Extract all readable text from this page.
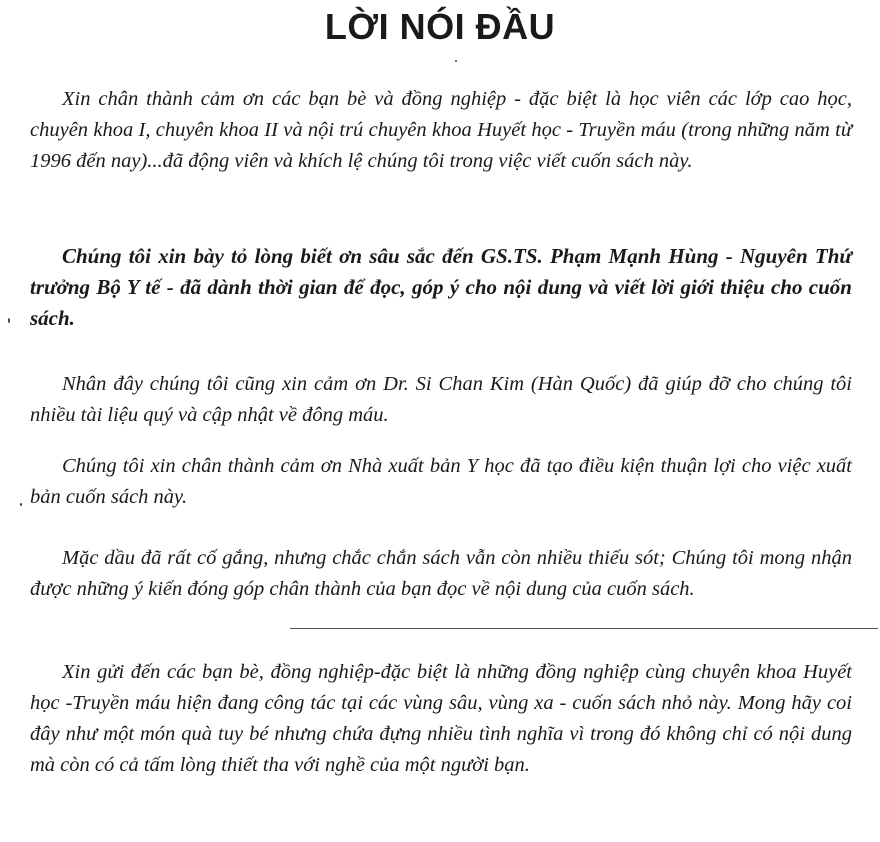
LỜI NÓI ĐẦU

Xin chân thành cảm ơn các bạn bè và đồng nghiệp - đặc biệt là học viên các lớp cao học, chuyên khoa I, chuyên khoa II và nội trú chuyên khoa Huyết học - Truyền máu (trong những năm từ 1996 đến nay)...đã động viên và khích lệ chúng tôi trong việc viết cuốn sách này.

Chúng tôi xin bày tỏ lòng biết ơn sâu sắc đến GS.TS. Phạm Mạnh Hùng - Nguyên Thứ trưởng Bộ Y tế - đã dành thời gian để đọc, góp ý cho nội dung và viết lời giới thiệu cho cuốn sách.

Nhân đây chúng tôi cũng xin cảm ơn Dr. Si Chan Kim (Hàn Quốc) đã giúp đỡ cho chúng tôi nhiều tài liệu quý và cập nhật về đông máu.

Chúng tôi xin chân thành cảm ơn Nhà xuất bản Y học đã tạo điều kiện thuận lợi cho việc xuất bản cuốn sách này.

Mặc dầu đã rất cố gắng, nhưng chắc chắn sách vẫn còn nhiều thiếu sót; Chúng tôi mong nhận được những ý kiến đóng góp chân thành của bạn đọc về nội dung của cuốn sách.

Xin gửi đến các bạn bè, đồng nghiệp-đặc biệt là những đồng nghiệp cùng chuyên khoa Huyết học -Truyền máu hiện đang công tác tại các vùng sâu, vùng xa - cuốn sách nhỏ này. Mong hãy coi đây như một món quà tuy bé nhưng chứa đựng nhiều tình nghĩa vì trong đó không chỉ có nội dung mà còn có cả tấm lòng thiết tha với nghề của một người bạn.
